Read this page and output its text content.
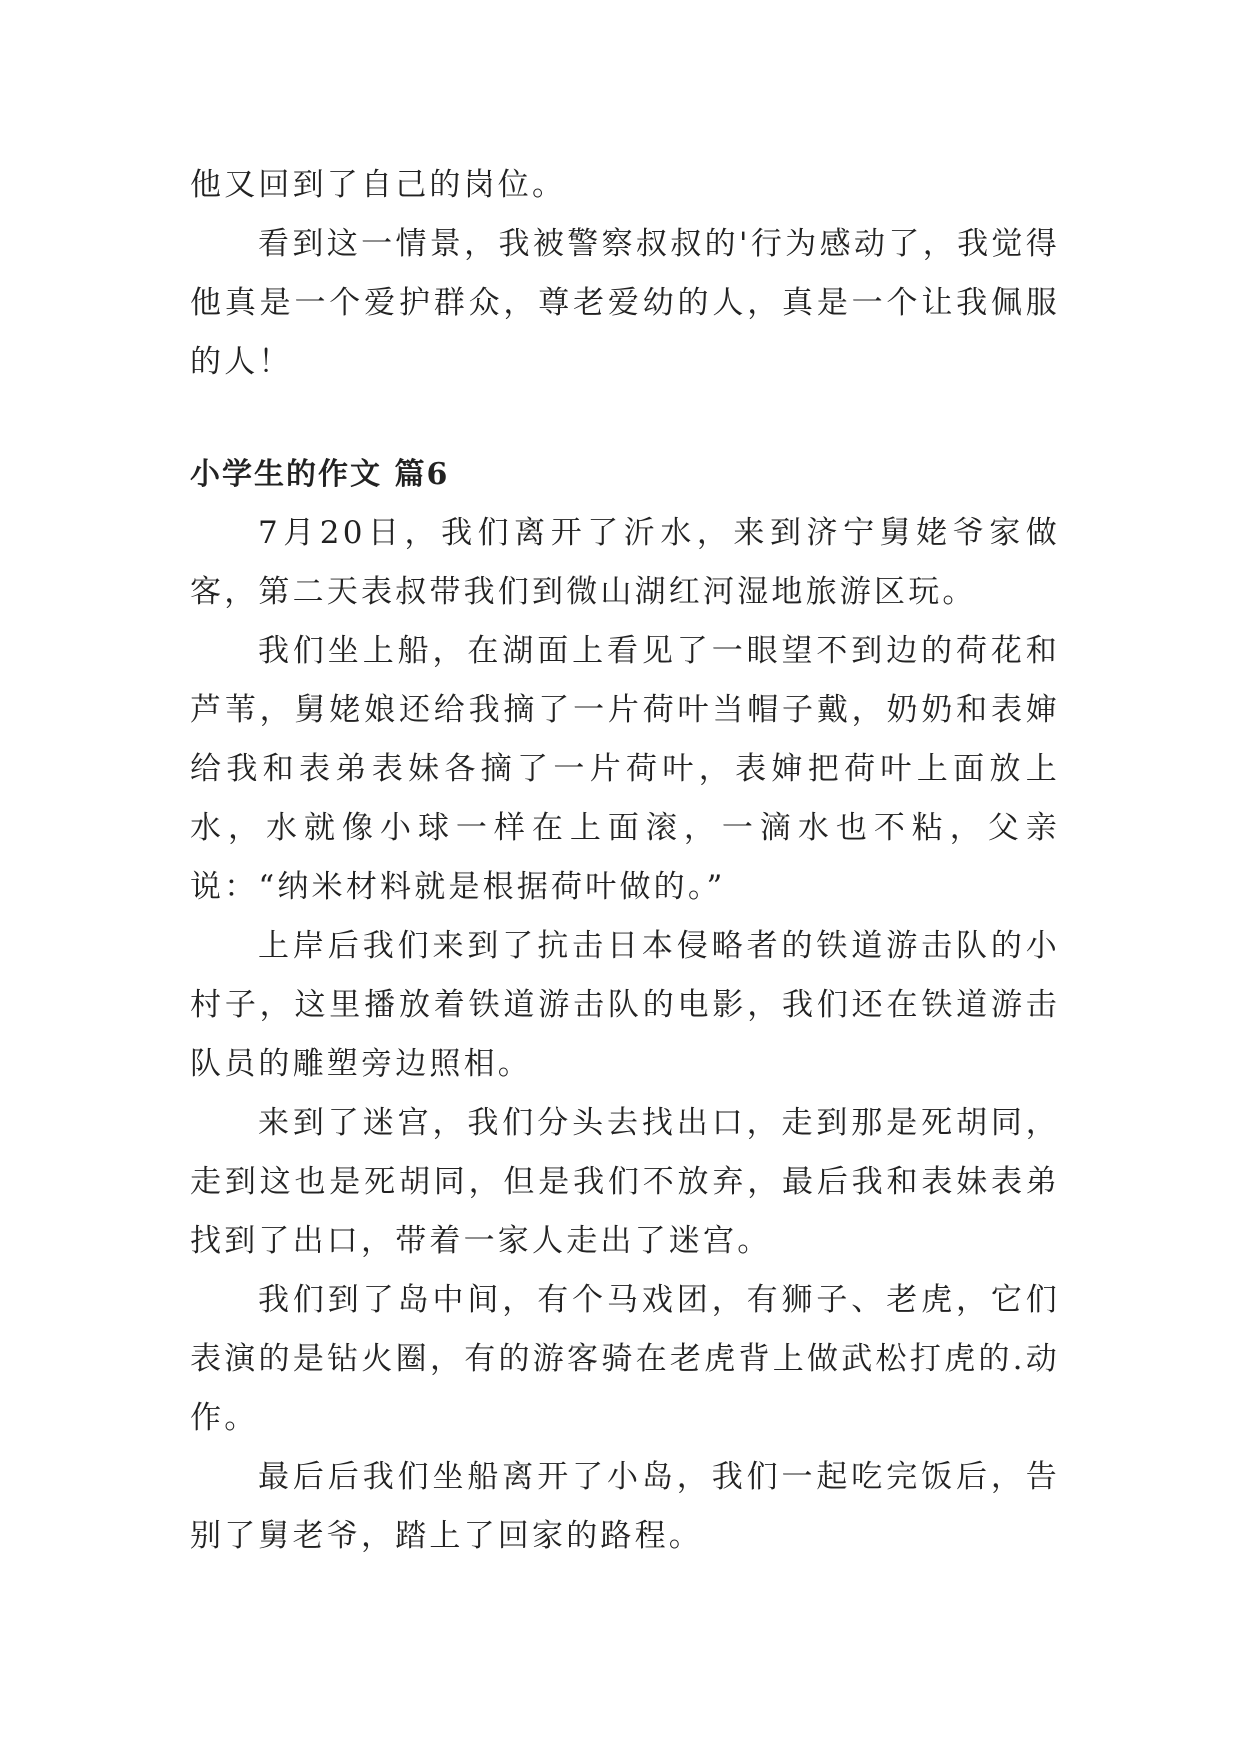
他又回到了自己的岗位。

看到这一情景，我被警察叔叔的'行为感动了，我觉得他真是一个爱护群众，尊老爱幼的人，真是一个让我佩服的人！

小学生的作文 篇6

7月20日，我们离开了沂水，来到济宁舅姥爷家做客，第二天表叔带我们到微山湖红河湿地旅游区玩。

我们坐上船，在湖面上看见了一眼望不到边的荷花和芦苇，舅姥娘还给我摘了一片荷叶当帽子戴，奶奶和表婶给我和表弟表妹各摘了一片荷叶，表婶把荷叶上面放上水，水就像小球一样在上面滚，一滴水也不粘，父亲说：“纳米材料就是根据荷叶做的。”

上岸后我们来到了抗击日本侵略者的铁道游击队的小村子，这里播放着铁道游击队的电影，我们还在铁道游击队员的雕塑旁边照相。

来到了迷宫，我们分头去找出口，走到那是死胡同，走到这也是死胡同，但是我们不放弃，最后我和表妹表弟找到了出口，带着一家人走出了迷宫。

我们到了岛中间，有个马戏团，有狮子、老虎，它们表演的是钻火圈，有的游客骑在老虎背上做武松打虎的.动作。

最后后我们坐船离开了小岛，我们一起吃完饭后，告别了舅老爷，踏上了回家的路程。
